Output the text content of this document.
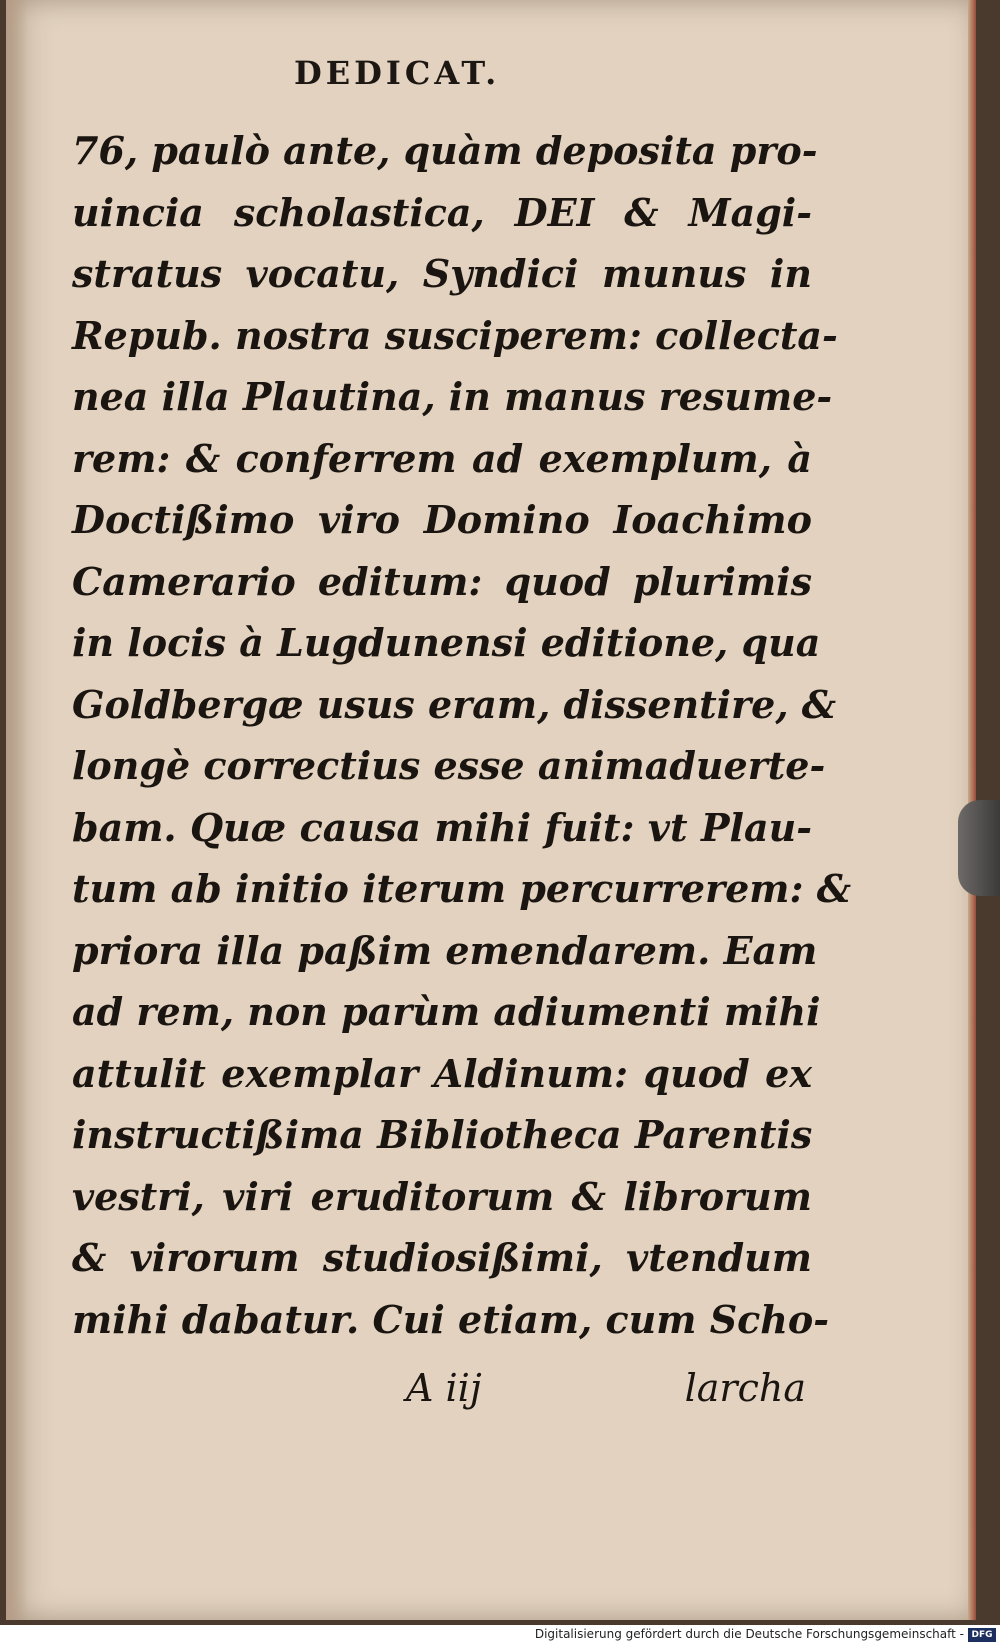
DEDICAT.
76, paulò ante, quàm deposita pro-
uincia scholastica, DEI & Magi-
stratus vocatu, Syndici munus in
Repub. nostra susciperem: collecta-
nea illa Plautina, in manus resume-
rem: & conferrem ad exemplum, à
Doctißimo viro Domino Ioachimo
Camerario editum: quod plurimis
in locis à Lugdunensi editione, qua
Goldbergæ usus eram, dissentire, &
longè correctius esse animaduerte-
bam. Quæ causa mihi fuit: vt Plau-
tum ab initio iterum percurrerem: &
priora illa paßim emendarem. Eam
ad rem, non parùm adiumenti mihi
attulit exemplar Aldinum: quod ex
instructißima Bibliotheca Parentis
vestri, viri eruditorum & librorum
& virorum studiosißimi, vtendum
mihi dabatur. Cui etiam, cum Scho-
A iij	larcha
Digitalisierung gefördert durch die Deutsche Forschungsgemeinschaft - DFG
